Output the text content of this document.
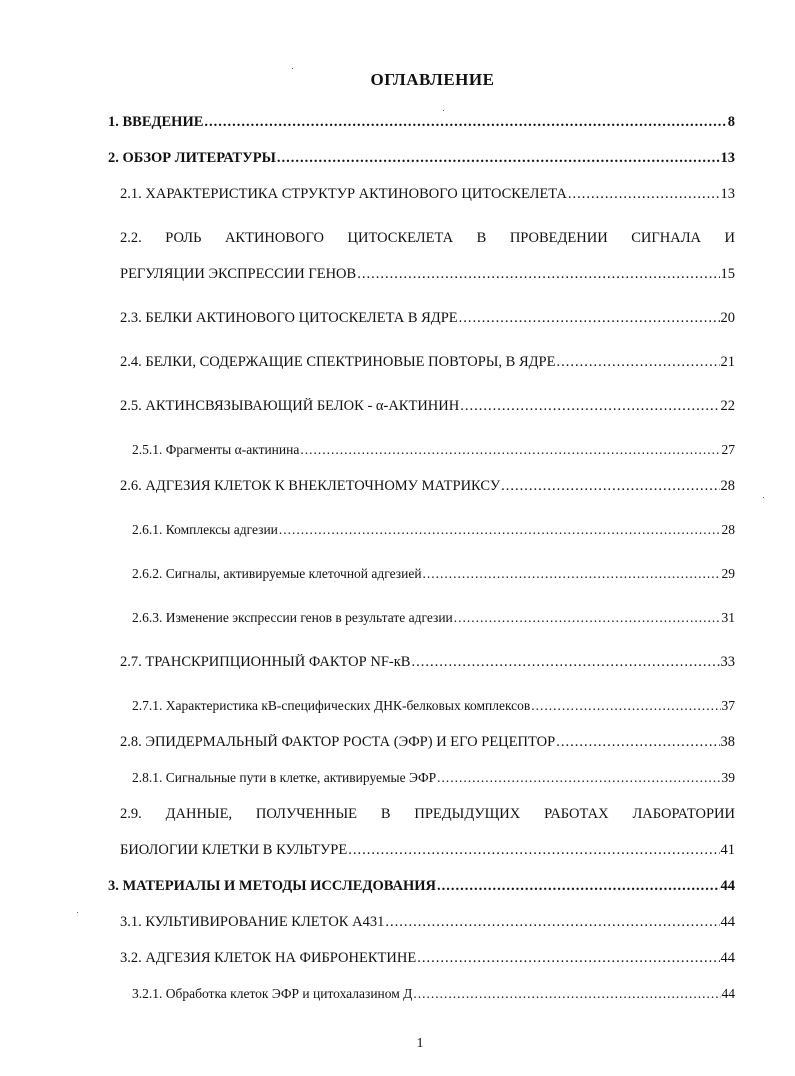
ОГЛАВЛЕНИЕ
1. ВВЕДЕНИЕ .....	8
2. ОБЗОР ЛИТЕРАТУРЫ .....	13
2.1. ХАРАКТЕРИСТИКА СТРУКТУР АКТИНОВОГО ЦИТОСКЕЛЕТА .....	13
2.2. РОЛЬ АКТИНОВОГО ЦИТОСКЕЛЕТА В ПРОВЕДЕНИИ СИГНАЛА И
РЕГУЛЯЦИИ ЭКСПРЕССИИ ГЕНОВ .....	15
2.3. БЕЛКИ АКТИНОВОГО ЦИТОСКЕЛЕТА В ЯДРЕ .....	20
2.4. БЕЛКИ, СОДЕРЖАЩИЕ СПЕКТРИНОВЫЕ ПОВТОРЫ, В ЯДРЕ .....	21
2.5. АКТИНСВЯЗЫВАЮЩИЙ БЕЛОК - α-АКТИНИН .....	22
2.5.1. Фрагменты α-актинина .....	27
2.6. АДГЕЗИЯ КЛЕТОК К ВНЕКЛЕТОЧНОМУ МАТРИКСУ .....	28
2.6.1. Комплексы адгезии .....	28
2.6.2. Сигналы, активируемые клеточной адгезией .....	29
2.6.3. Изменение экспрессии генов в результате адгезии .....	31
2.7. ТРАНСКРИПЦИОННЫЙ ФАКТОР NF-кВ .....	33
2.7.1. Характеристика кВ-специфических ДНК-белковых комплексов .....	37
2.8. ЭПИДЕРМАЛЬНЫЙ ФАКТОР РОСТА (ЭФР) И ЕГО РЕЦЕПТОР .....	38
2.8.1. Сигнальные пути в клетке, активируемые ЭФР .....	39
2.9. ДАННЫЕ, ПОЛУЧЕННЫЕ В ПРЕДЫДУЩИХ РАБОТАХ ЛАБОРАТОРИИ
БИОЛОГИИ КЛЕТКИ В КУЛЬТУРЕ .....	41
3. МАТЕРИАЛЫ И МЕТОДЫ ИССЛЕДОВАНИЯ .....	44
3.1. КУЛЬТИВИРОВАНИЕ КЛЕТОК А431 .....	44
3.2. АДГЕЗИЯ КЛЕТОК НА ФИБРОНЕКТИНЕ .....	44
3.2.1. Обработка клеток ЭФР и цитохалазином Д .....	44
1
